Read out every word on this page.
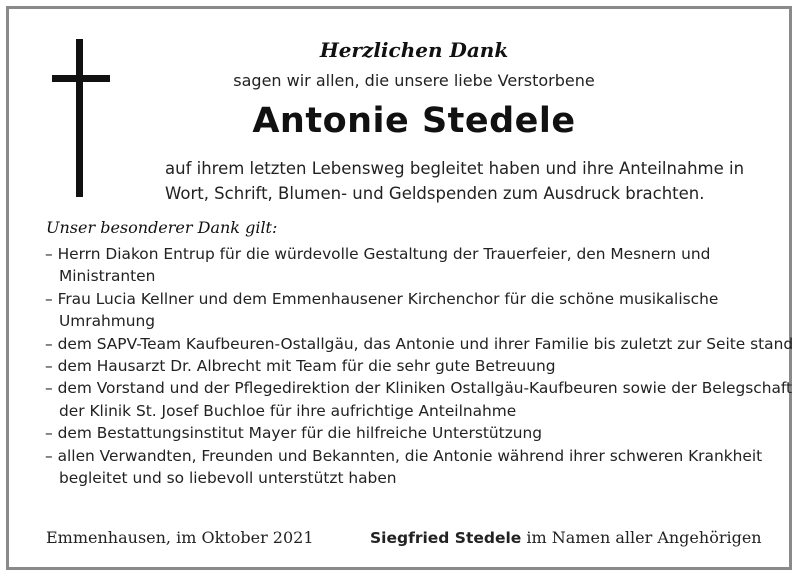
Herzlichen Dank
sagen wir allen, die unsere liebe Verstorbene
Antonie Stedele
auf ihrem letzten Lebensweg begleitet haben und ihre Anteilnahme in Wort, Schrift, Blumen- und Geldspenden zum Ausdruck brachten.
Unser besonderer Dank gilt:
– Herrn Diakon Entrup für die würdevolle Gestaltung der Trauerfeier, den Mesnern und Ministranten
– Frau Lucia Kellner und dem Emmenhausener Kirchenchor für die schöne musikalische Umrahmung
– dem SAPV-Team Kaufbeuren-Ostallgäu, das Antonie und ihrer Familie bis zuletzt zur Seite stand
– dem Hausarzt Dr. Albrecht mit Team für die sehr gute Betreuung
– dem Vorstand und der Pflegedirektion der Kliniken Ostallgäu-Kaufbeuren sowie der Belegschaft der Klinik St. Josef Buchloe für ihre aufrichtige Anteilnahme
– dem Bestattungsinstitut Mayer für die hilfreiche Unterstützung
– allen Verwandten, Freunden und Bekannten, die Antonie während ihrer schweren Krankheit begleitet und so liebevoll unterstützt haben
Emmenhausen, im Oktober 2021	Siegfried Stedele im Namen aller Angehörigen
